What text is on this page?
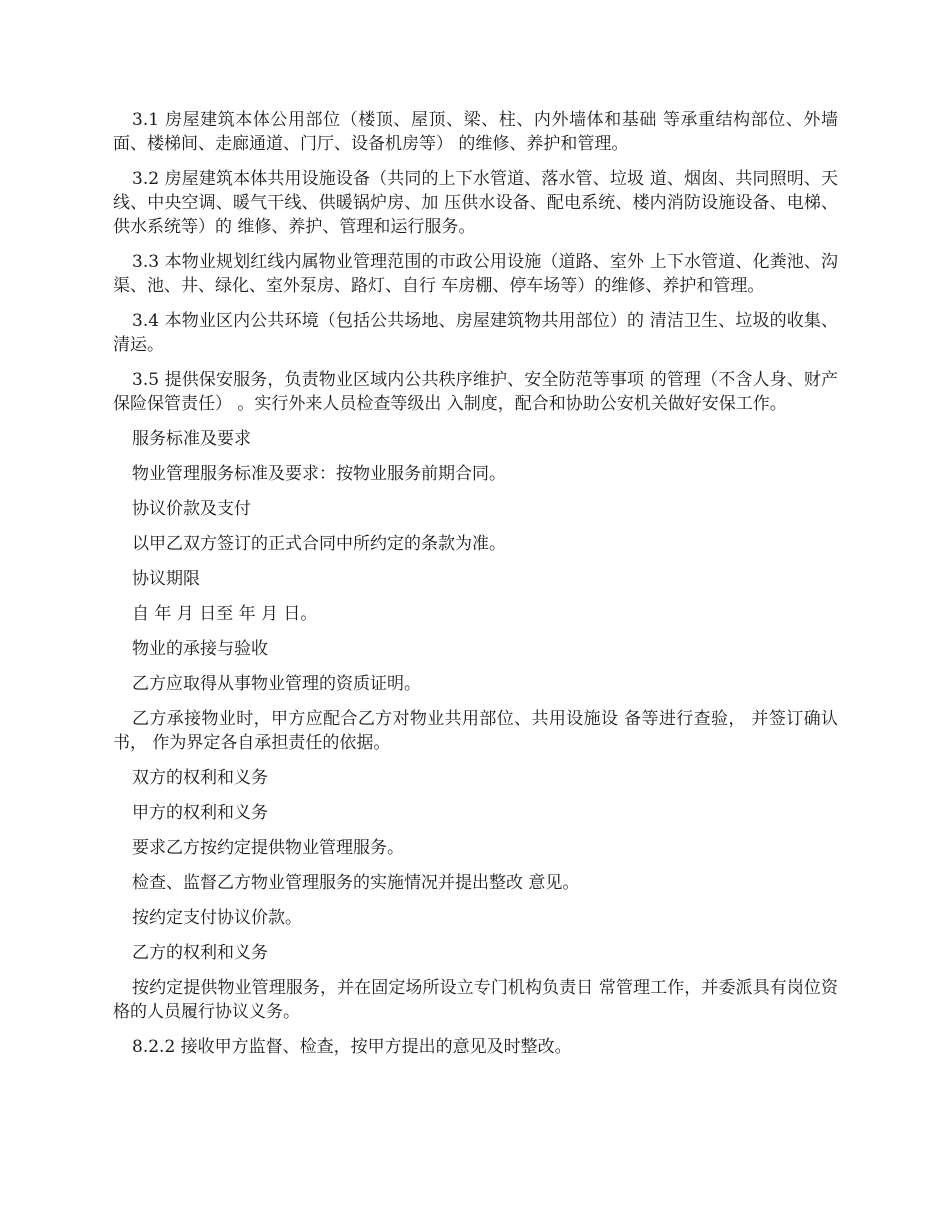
3.1 房屋建筑本体公用部位（楼顶、屋顶、梁、柱、内外墙体和基础 等承重结构部位、外墙面、楼梯间、走廊通道、门厅、设备机房等） 的维修、养护和管理。

3.2 房屋建筑本体共用设施设备（共同的上下水管道、落水管、垃圾 道、烟囱、共同照明、天线、中央空调、暖气干线、供暖锅炉房、加 压供水设备、配电系统、楼内消防设施设备、电梯、供水系统等）的 维修、养护、管理和运行服务。

3.3 本物业规划红线内属物业管理范围的市政公用设施（道路、室外 上下水管道、化粪池、沟渠、池、井、绿化、室外泵房、路灯、自行 车房棚、停车场等）的维修、养护和管理。

3.4 本物业区内公共环境（包括公共场地、房屋建筑物共用部位）的 清洁卫生、垃圾的收集、清运。

3.5 提供保安服务，负责物业区域内公共秩序维护、安全防范等事项 的管理（不含人身、财产保险保管责任） 。实行外来人员检查等级出 入制度，配合和协助公安机关做好安保工作。

服务标准及要求

物业管理服务标准及要求：按物业服务前期合同。

协议价款及支付

以甲乙双方签订的正式合同中所约定的条款为准。

协议期限

自 年 月 日至 年 月 日。

物业的承接与验收

乙方应取得从事物业管理的资质证明。

乙方承接物业时，甲方应配合乙方对物业共用部位、共用设施设 备等进行查验， 并签订确认书， 作为界定各自承担责任的依据。

双方的权利和义务

甲方的权利和义务

要求乙方按约定提供物业管理服务。

检查、监督乙方物业管理服务的实施情况并提出整改 意见。

按约定支付协议价款。

乙方的权利和义务

按约定提供物业管理服务，并在固定场所设立专门机构负责日 常管理工作，并委派具有岗位资格的人员履行协议义务。

8.2.2 接收甲方监督、检查，按甲方提出的意见及时整改。
